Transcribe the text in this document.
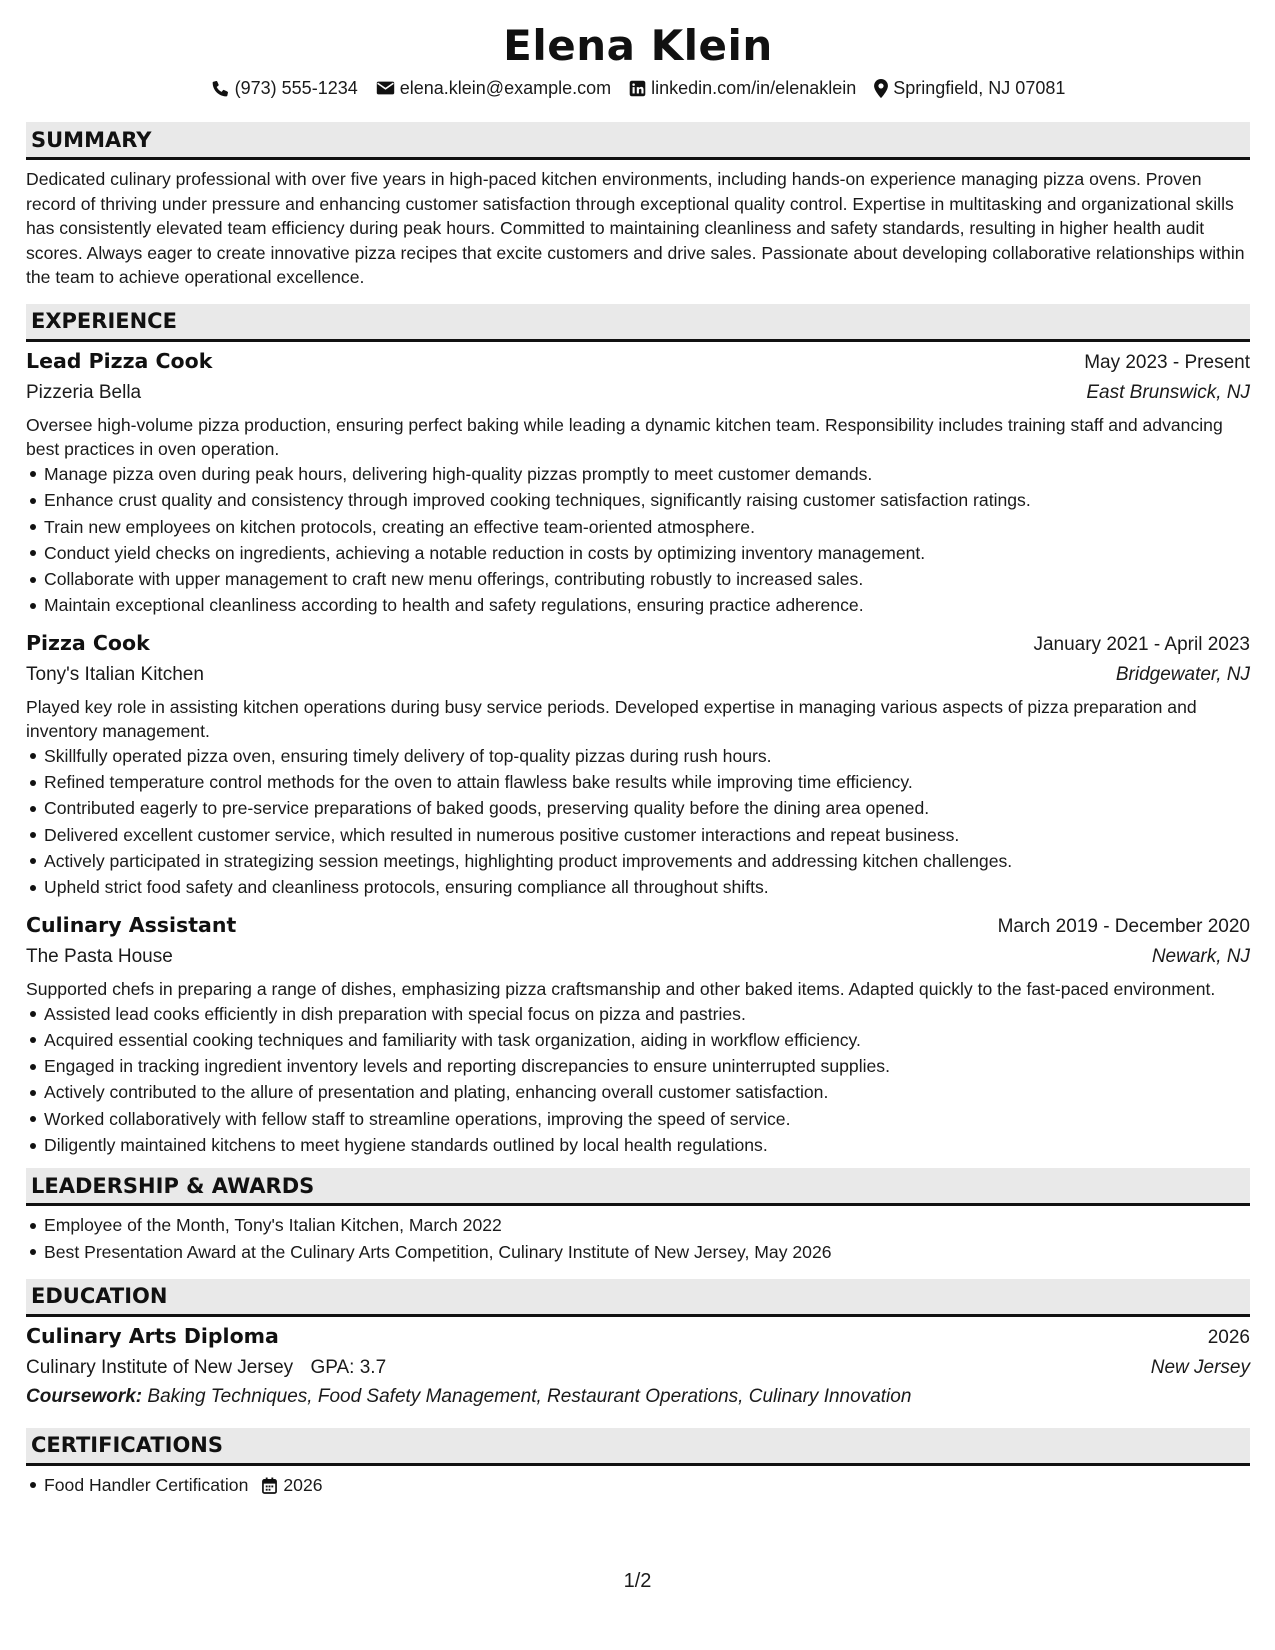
Elena Klein
(973) 555-1234 elena.klein@example.com linkedin.com/in/elenaklein Springfield, NJ 07081
SUMMARY

Dedicated culinary professional with over five years in high-paced kitchen environments, including hands-on experience managing pizza ovens. Proven record of thriving under pressure and enhancing customer satisfaction through exceptional quality control. Expertise in multitasking and organizational skills has consistently elevated team efficiency during peak hours. Committed to maintaining cleanliness and safety standards, resulting in higher health audit scores. Always eager to create innovative pizza recipes that excite customers and drive sales. Passionate about developing collaborative relationships within the team to achieve operational excellence.

EXPERIENCE
Lead Pizza Cook	May 2023 - Present
Pizzeria Bella	East Brunswick, NJ

Oversee high-volume pizza production, ensuring perfect baking while leading a dynamic kitchen team. Responsibility includes training staff and advancing best practices in oven operation.

Manage pizza oven during peak hours, delivering high-quality pizzas promptly to meet customer demands.
Enhance crust quality and consistency through improved cooking techniques, significantly raising customer satisfaction ratings.
Train new employees on kitchen protocols, creating an effective team-oriented atmosphere.
Conduct yield checks on ingredients, achieving a notable reduction in costs by optimizing inventory management.
Collaborate with upper management to craft new menu offerings, contributing robustly to increased sales.
Maintain exceptional cleanliness according to health and safety regulations, ensuring practice adherence.
Pizza Cook	January 2021 - April 2023
Tony's Italian Kitchen	Bridgewater, NJ

Played key role in assisting kitchen operations during busy service periods. Developed expertise in managing various aspects of pizza preparation and inventory management.

Skillfully operated pizza oven, ensuring timely delivery of top-quality pizzas during rush hours.
Refined temperature control methods for the oven to attain flawless bake results while improving time efficiency.
Contributed eagerly to pre-service preparations of baked goods, preserving quality before the dining area opened.
Delivered excellent customer service, which resulted in numerous positive customer interactions and repeat business.
Actively participated in strategizing session meetings, highlighting product improvements and addressing kitchen challenges.
Upheld strict food safety and cleanliness protocols, ensuring compliance all throughout shifts.
Culinary Assistant	March 2019 - December 2020
The Pasta House	Newark, NJ

Supported chefs in preparing a range of dishes, emphasizing pizza craftsmanship and other baked items. Adapted quickly to the fast-paced environment.

Assisted lead cooks efficiently in dish preparation with special focus on pizza and pastries.
Acquired essential cooking techniques and familiarity with task organization, aiding in workflow efficiency.
Engaged in tracking ingredient inventory levels and reporting discrepancies to ensure uninterrupted supplies.
Actively contributed to the allure of presentation and plating, enhancing overall customer satisfaction.
Worked collaboratively with fellow staff to streamline operations, improving the speed of service.
Diligently maintained kitchens to meet hygiene standards outlined by local health regulations.
LEADERSHIP & AWARDS
Employee of the Month, Tony's Italian Kitchen, March 2022
Best Presentation Award at the Culinary Arts Competition, Culinary Institute of New Jersey, May 2026
EDUCATION
Culinary Arts Diploma	2026
Culinary Institute of New Jersey GPA: 3.7	New Jersey
Coursework: Baking Techniques, Food Safety Management, Restaurant Operations, Culinary Innovation
CERTIFICATIONS
Food Handler Certification 2026
1/2
